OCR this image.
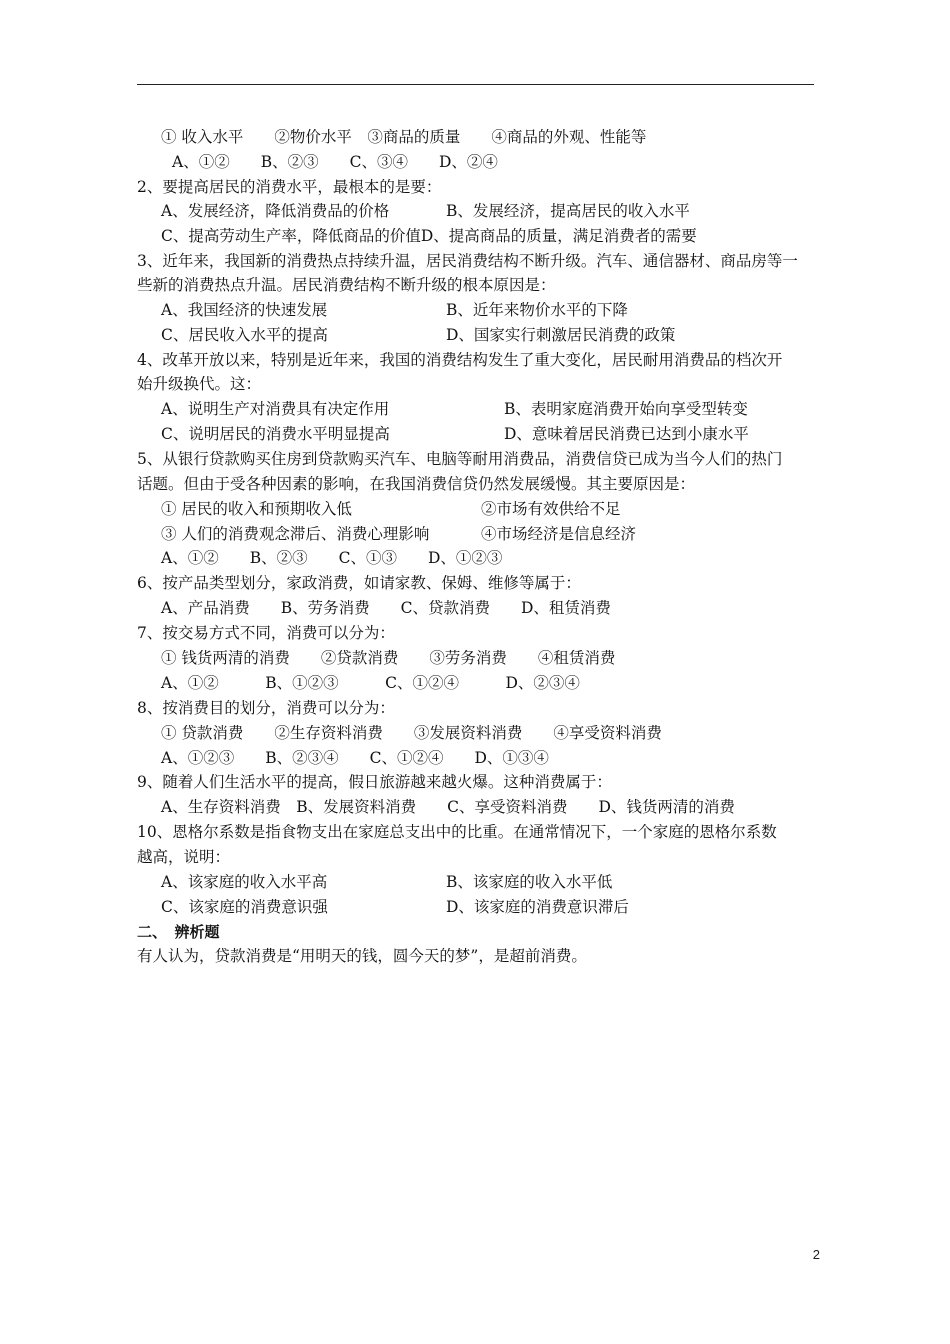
① 收入水平　　②物价水平　③商品的质量　　④商品的外观、性能等
A、①②　　B、②③　　C、③④　　D、②④
2、要提高居民的消费水平，最根本的是要：
A、发展经济，降低消费品的价格	B、发展经济，提高居民的收入水平
C、提高劳动生产率，降低商品的价值D、提高商品的质量，满足消费者的需要
3、近年来，我国新的消费热点持续升温，居民消费结构不断升级。汽车、通信器材、商品房等一
些新的消费热点升温。居民消费结构不断升级的根本原因是：
A、我国经济的快速发展	B、近年来物价水平的下降
C、居民收入水平的提高	D、国家实行刺激居民消费的政策
4、改革开放以来，特别是近年来，我国的消费结构发生了重大变化，居民耐用消费品的档次开
始升级换代。这：
A、说明生产对消费具有决定作用	B、表明家庭消费开始向享受型转变
C、说明居民的消费水平明显提高	D、意味着居民消费已达到小康水平
5、从银行贷款购买住房到贷款购买汽车、电脑等耐用消费品，消费信贷已成为当今人们的热门
话题。但由于受各种因素的影响，在我国消费信贷仍然发展缓慢。其主要原因是：
① 居民的收入和预期收入低	②市场有效供给不足
③ 人们的消费观念滞后、消费心理影响	④市场经济是信息经济
A、①②　　B、②③　　C、①③　　D、①②③
6、按产品类型划分，家政消费，如请家教、保姆、维修等属于：
A、产品消费　　B、劳务消费　　C、贷款消费　　D、租赁消费
7、按交易方式不同，消费可以分为：
① 钱货两清的消费　　②贷款消费　　③劳务消费　　④租赁消费
A、①②　　　B、①②③　　　C、①②④　　　D、②③④
8、按消费目的划分，消费可以分为：
① 贷款消费　　②生存资料消费　　③发展资料消费　　④享受资料消费
A、①②③　　B、②③④　　C、①②④　　D、①③④
9、随着人们生活水平的提高，假日旅游越来越火爆。这种消费属于：
A、生存资料消费　B、发展资料消费　　C、享受资料消费　　D、钱货两清的消费
10、恩格尔系数是指食物支出在家庭总支出中的比重。在通常情况下，一个家庭的恩格尔系数
越高，说明：
A、该家庭的收入水平高	B、该家庭的收入水平低
C、该家庭的消费意识强	D、该家庭的消费意识滞后
二、　辨析题
有人认为，贷款消费是“用明天的钱，圆今天的梦”，是超前消费。
2
